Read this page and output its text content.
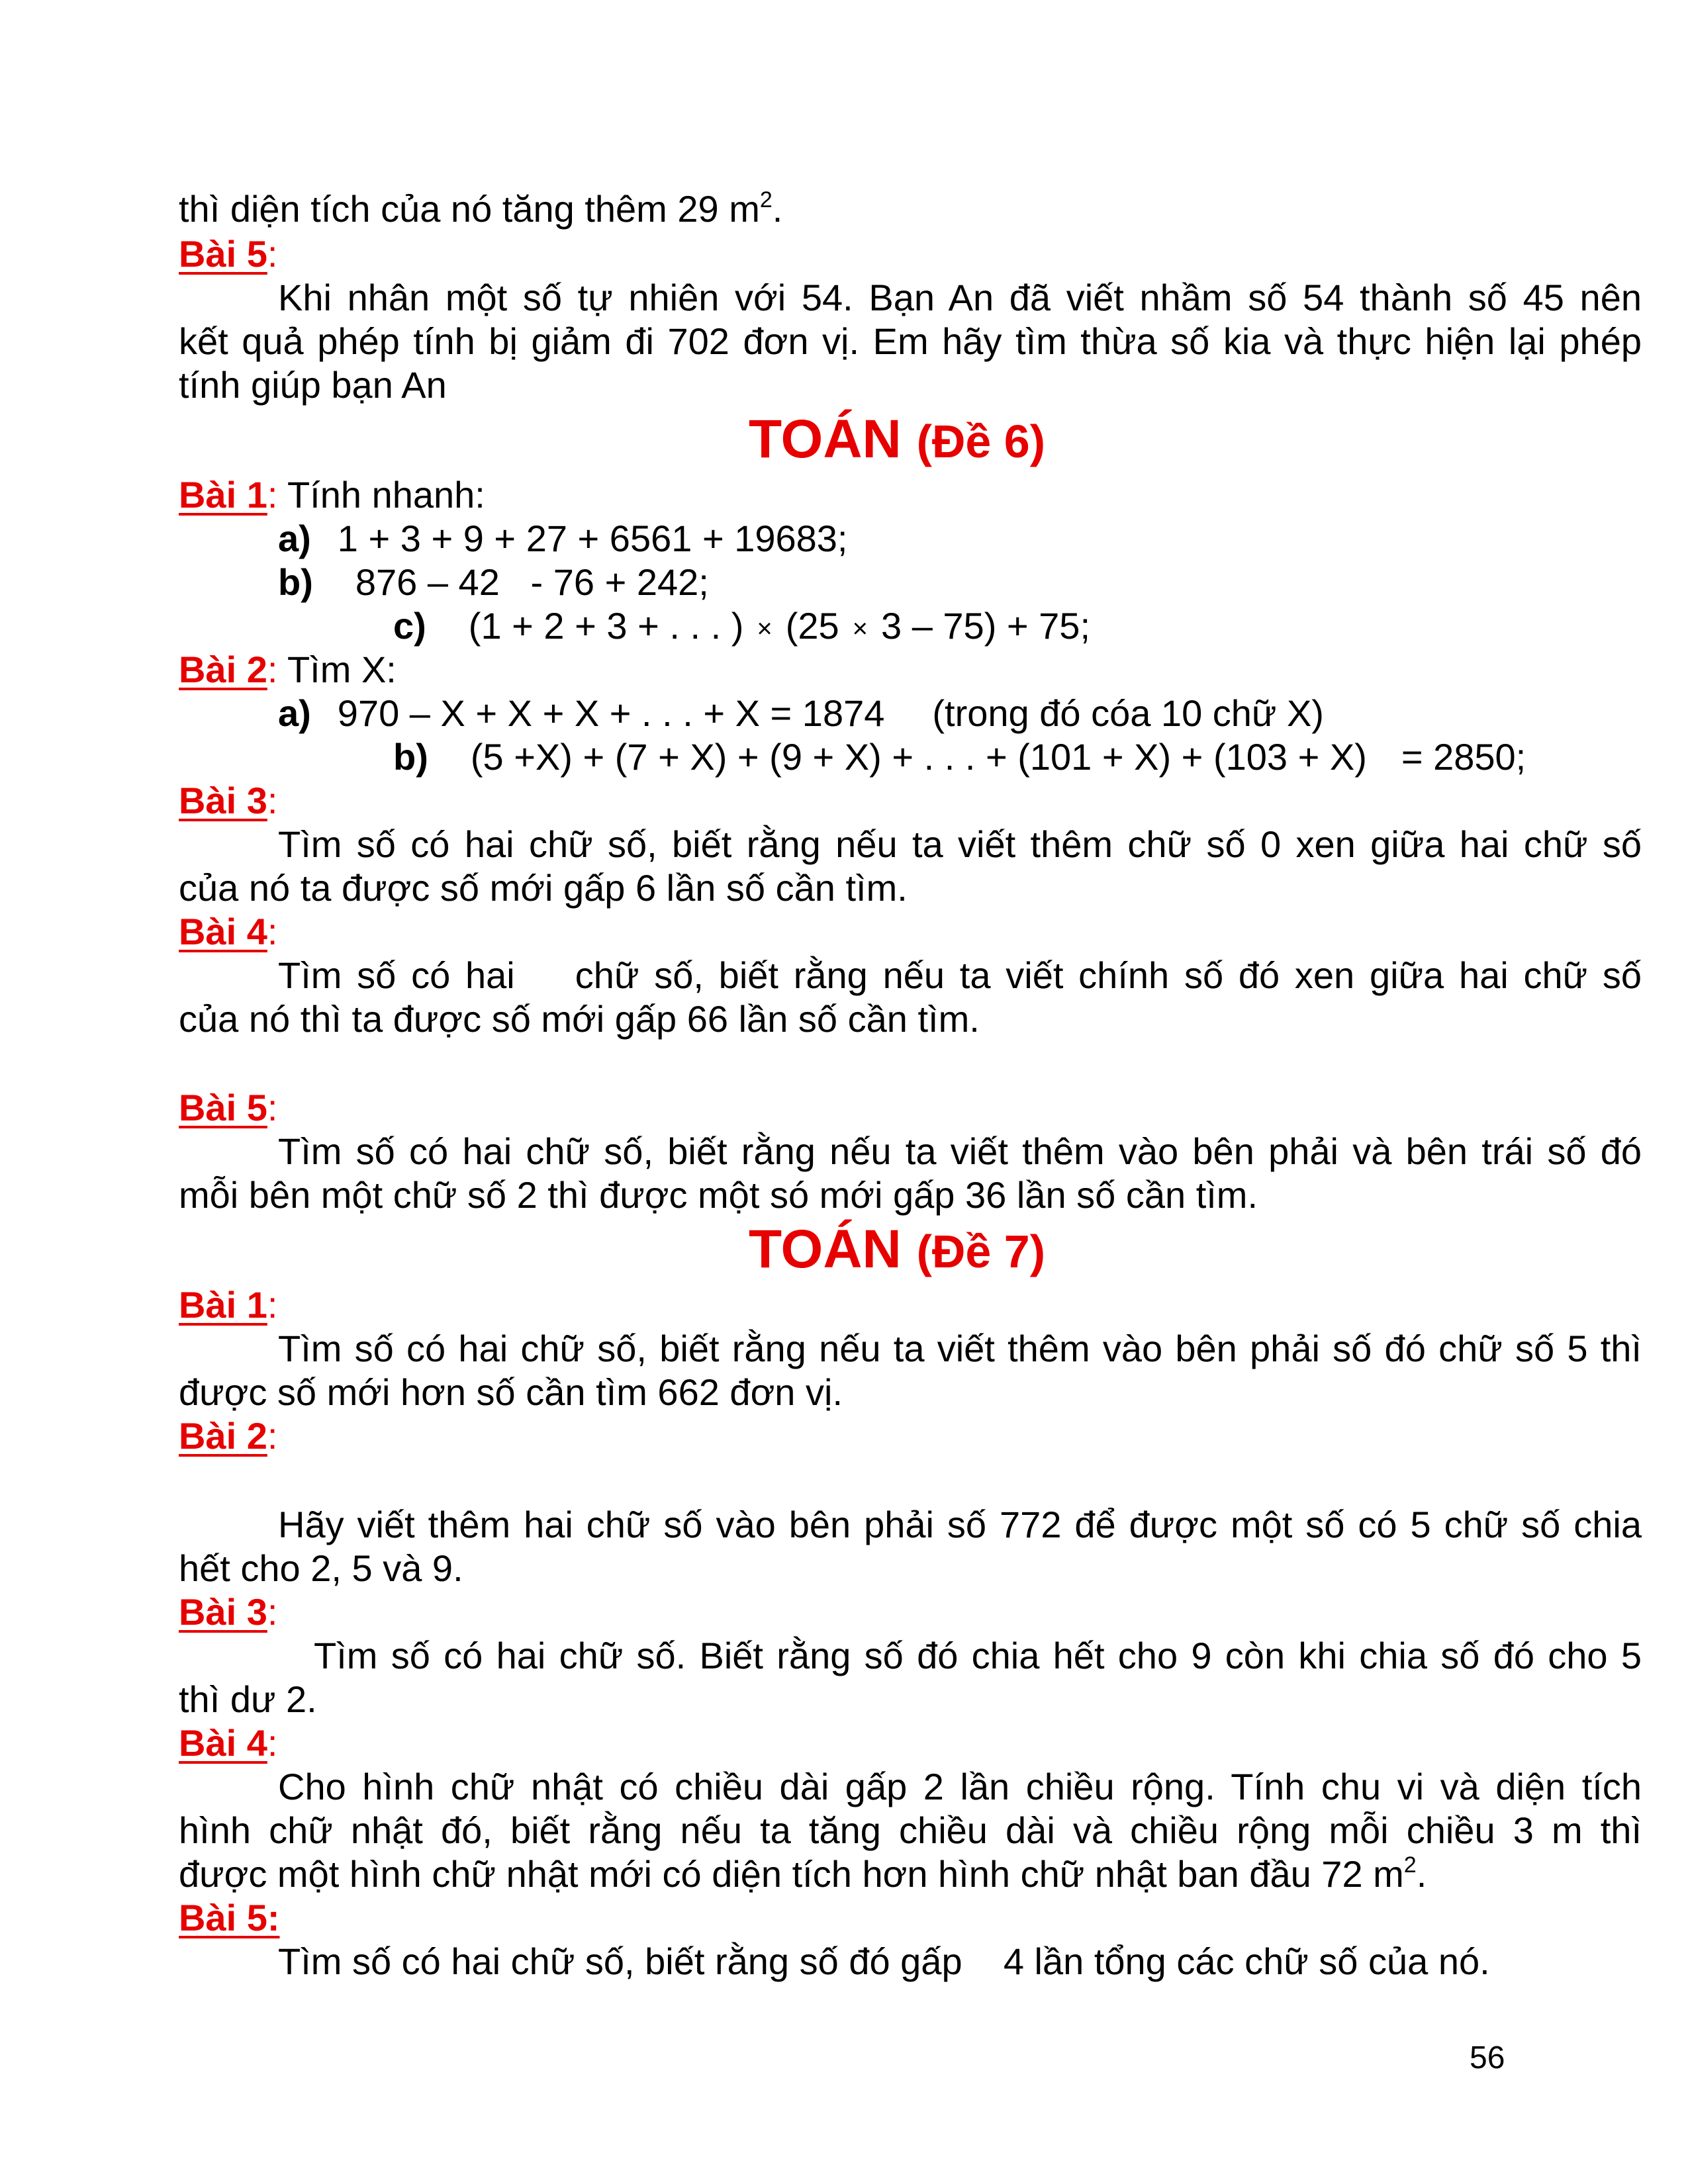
thì diện tích của nó tăng thêm 29 $m^2$.
Bài 5:
Khi nhân một số tự nhiên với 54. Bạn An đã viết nhầm số 54 thành số 45 nên
kết quả phép tính bị giảm đi 702 đơn vị. Em hãy tìm thừa số kia và thực hiện lại phép
tính giúp bạn An
TOÁN (Đề 6)
Bài 1: Tính nhanh:
a) 1 + 3 + 9 + 27 + 6561 + 19683;
b) 876 – 42   - 76 + 242;
c) (1 + 2 + 3 + . . . ) × (25 × 3 – 75) + 75;
Bài 2: Tìm X:
a) 970 – X + X + X + . . . + X = 1874 (trong đó cóa 10 chữ X)
b) (5 +X) + (7 + X) + (9 + X) + . . . + (101 + X) + (103 + X) = 2850;
Bài 3:
Tìm số có hai chữ số, biết rằng nếu ta viết thêm chữ số 0 xen giữa hai chữ số
của nó ta được số mới gấp 6 lần số cần tìm.
Bài 4:
Tìm số có hai    chữ số, biết rằng nếu ta viết chính số đó xen giữa hai chữ số
của nó thì ta được số mới gấp 66 lần số cần tìm.
Bài 5:
Tìm số có hai chữ số, biết rằng nếu ta viết thêm vào bên phải và bên trái số đó
mỗi bên một chữ số 2 thì được một só mới gấp 36 lần số cần tìm.
TOÁN (Đề 7)
Bài 1:
Tìm số có hai chữ số, biết rằng nếu ta viết thêm vào bên phải số đó chữ số 5 thì
được số mới hơn số cần tìm 662 đơn vị.
Bài 2:
Hãy viết thêm hai chữ số vào bên phải số 772 để được một số có 5 chữ số chia
hết cho 2, 5 và 9.
Bài 3:
Tìm số có hai chữ số. Biết rằng số đó chia hết cho 9 còn khi chia số đó cho 5
thì dư 2.
Bài 4:
Cho hình chữ nhật có chiều dài gấp 2 lần chiều rộng. Tính chu vi và diện tích
hình chữ nhật đó, biết rằng nếu ta tăng chiều dài và chiều rộng mỗi chiều 3 m thì
được một hình chữ nhật mới có diện tích hơn hình chữ nhật ban đầu 72 $m^2$.
Bài 5:
Tìm số có hai chữ số, biết rằng số đó gấp    4 lần tổng các chữ số của nó.
56
